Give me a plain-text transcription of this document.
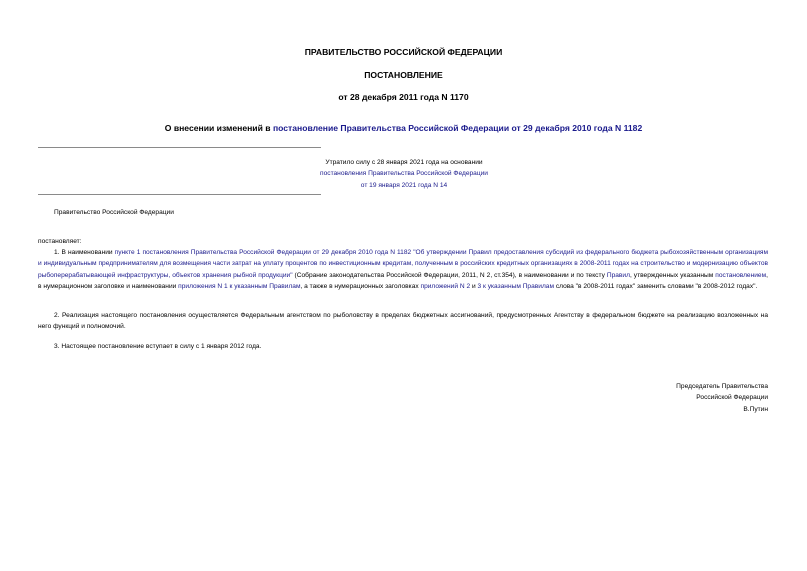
ПРАВИТЕЛЬСТВО РОССИЙСКОЙ ФЕДЕРАЦИИ
ПОСТАНОВЛЕНИЕ
от 28 декабря 2011 года N 1170
О внесении изменений в постановление Правительства Российской Федерации от 29 декабря 2010 года N 1182
Утратило силу с 28 января 2021 года на основании
постановления Правительства Российской Федерации
от 19 января 2021 года N 14
Правительство Российской Федерации
постановляет:
1. В наименовании пункте 1 постановления Правительства Российской Федерации от 29 декабря 2010 года N 1182 "Об утверждении Правил предоставления субсидий из федерального бюджета рыбохозяйственным организациям и индивидуальным предпринимателям для возмещения части затрат на уплату процентов по инвестиционным кредитам, полученным в российских кредитных организациях в 2008-2011 годах на строительство и модернизацию объектов рыбоперерабатывающей инфраструктуры, объектов хранения рыбной продукции" (Собрание законодательства Российской Федерации, 2011, N 2, ст.354), в наименовании и по тексту Правил, утвержденных указанным постановлением, в нумерационном заголовке и наименовании приложения N 1 к указанным Правилам, а также в нумерационных заголовках приложений N 2 и 3 к указанным Правилам слова "в 2008-2011 годах" заменить словами "в 2008-2012 годах".
2. Реализация настоящего постановления осуществляется Федеральным агентством по рыболовству в пределах бюджетных ассигнований, предусмотренных Агентству в федеральном бюджете на реализацию возложенных на него функций и полномочий.
3. Настоящее постановление вступает в силу с 1 января 2012 года.
Председатель Правительства
Российской Федерации
В.Путин
